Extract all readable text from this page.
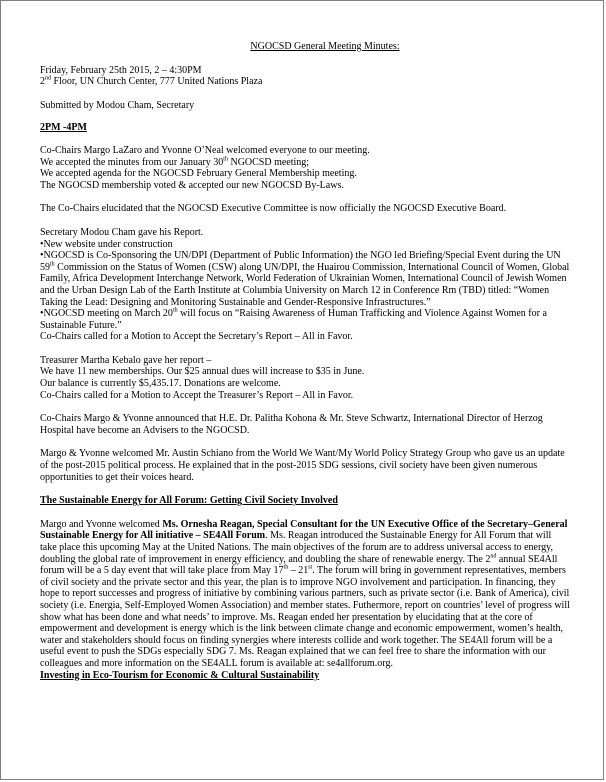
NGOCSD General Meeting Minutes:

Friday, February 25th 2015, 2 – 4:30PM

2nd Floor, UN Church Center, 777 United Nations Plaza

Submitted by Modou Cham, Secretary

2PM -4PM

Co-Chairs Margo LaZaro and Yvonne O’Neal welcomed everyone to our meeting.

We accepted the minutes from our January 30th NGOCSD meeting;

We accepted agenda for the NGOCSD February General Membership meeting.

The NGOCSD membership voted & accepted our new NGOCSD By-Laws.

The Co-Chairs elucidated that the NGOCSD Executive Committee is now officially the NGOCSD Executive Board.

Secretary Modou Cham gave his Report.

•New website under construction

•NGOCSD is Co-Sponsoring the UN/DPI (Department of Public Information) the NGO led Briefing/Special Event during the UN 59th Commission on the Status of Women (CSW) along UN/DPI, the Huairou Commission, International Council of Women, Global Family, Africa Development Interchange Network, World Federation of Ukrainian Women, International Council of Jewish Women and the Urban Design Lab of the Earth Institute at Columbia University on March 12 in Conference Rm (TBD) titled: “Women Taking the Lead: Designing and Monitoring Sustainable and Gender-Responsive Infrastructures.”

•NGOCSD meeting on March 20th will focus on “Raising Awareness of Human Trafficking and Violence Against Women for a Sustainable Future.”

Co-Chairs called for a Motion to Accept the Secretary’s Report – All in Favor.

Treasurer Martha Kebalo gave her report –

We have 11 new memberships. Our $25 annual dues will increase to $35 in June.

Our balance is currently $5,435.17. Donations are welcome.

Co-Chairs called for a Motion to Accept the Treasurer’s Report – All in Favor.

Co-Chairs Margo & Yvonne announced that H.E. Dr. Palitha Kohona & Mr. Steve Schwartz, International Director of Herzog Hospital have become an Advisers to the NGOCSD.

Margo & Yvonne welcomed Mr. Austin Schiano from the World We Want/My World Policy Strategy Group who gave us an update of the post-2015 political process. He explained that in the post-2015 SDG sessions, civil society have been given numerous opportunities to get their voices heard.

The Sustainable Energy for All Forum: Getting Civil Society Involved

Margo and Yvonne welcomed Ms. Ornesha Reagan, Special Consultant for the UN Executive Office of the Secretary–General Sustainable Energy for All initiative – SE4All Forum. Ms. Reagan introduced the Sustainable Energy for All Forum that will take place this upcoming May at the United Nations. The main objectives of the forum are to address universal access to energy, doubling the global rate of improvement in energy efficiency, and doubling the share of renewable energy. The 2nd annual SE4All forum will be a 5 day event that will take place from May 17th – 21st. The forum will bring in government representatives, members of civil society and the private sector and this year, the plan is to improve NGO involvement and participation. In financing, they hope to report successes and progress of initiative by combining various partners, such as private sector (i.e. Bank of America), civil society (i.e. Energia, Self-Employed Women Association) and member states. Futhermore, report on countries’ level of progress will show what has been done and what needs’ to improve. Ms. Reagan ended her presentation by elucidating that at the core of empowerment and development is energy which is the link between climate change and economic empowerment, women’s health, water and stakeholders should focus on finding synergies where interests collide and work together. The SE4All forum will be a useful event to push the SDGs especially SDG 7. Ms. Reagan explained that we can feel free to share the information with our colleagues and more information on the SE4ALL forum is available at: se4allforum.org.

Investing in Eco-Tourism for Economic & Cultural Sustainability
